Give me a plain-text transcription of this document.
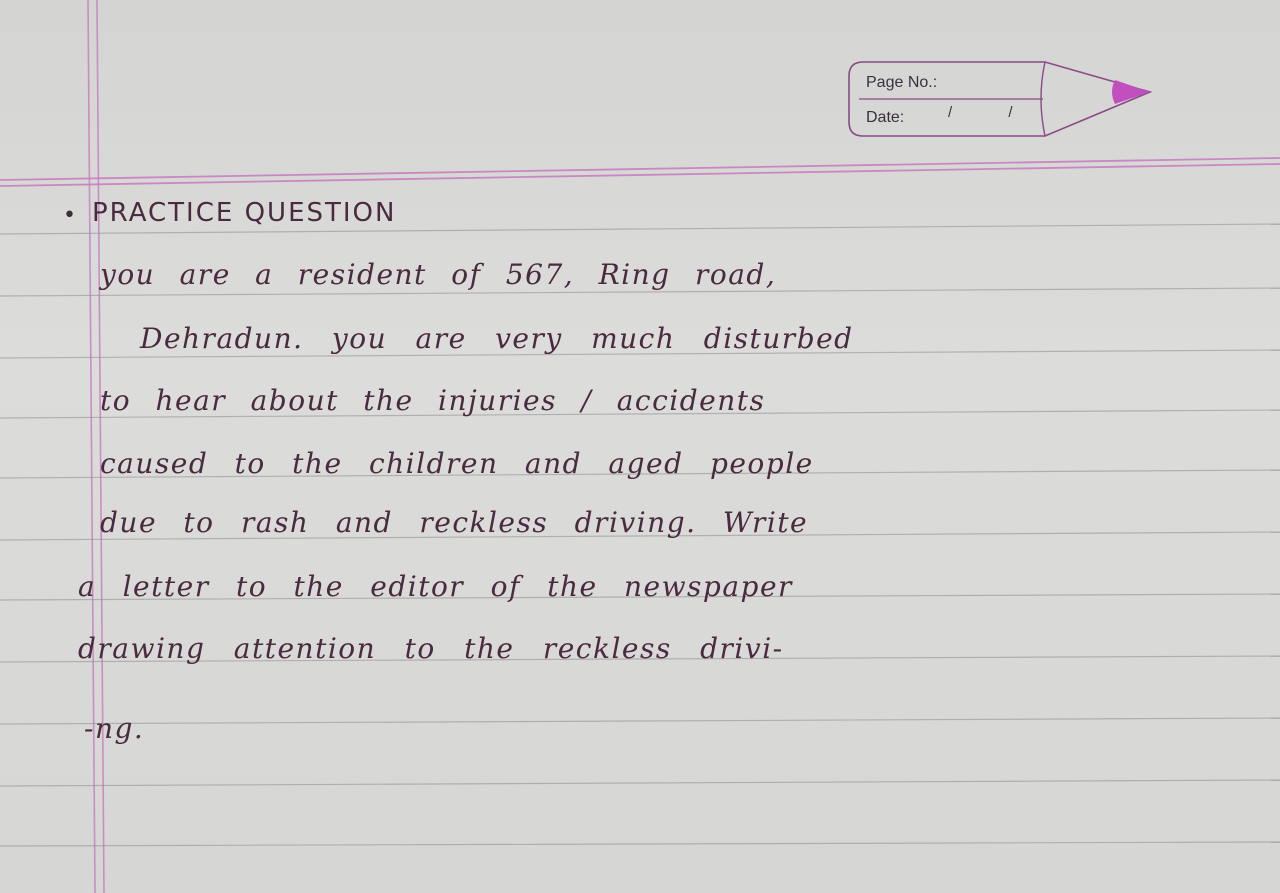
Page No.:
Date:	/ /
• PRACTICE QUESTION
you are a resident of 567, Ring road,
Dehradun. you are very much disturbed
to hear about the injuries / accidents
caused to the children and aged people
due to rash and reckless driving. Write
a letter to the editor of the newspaper
drawing attention to the reckless drivi-
-ng.
